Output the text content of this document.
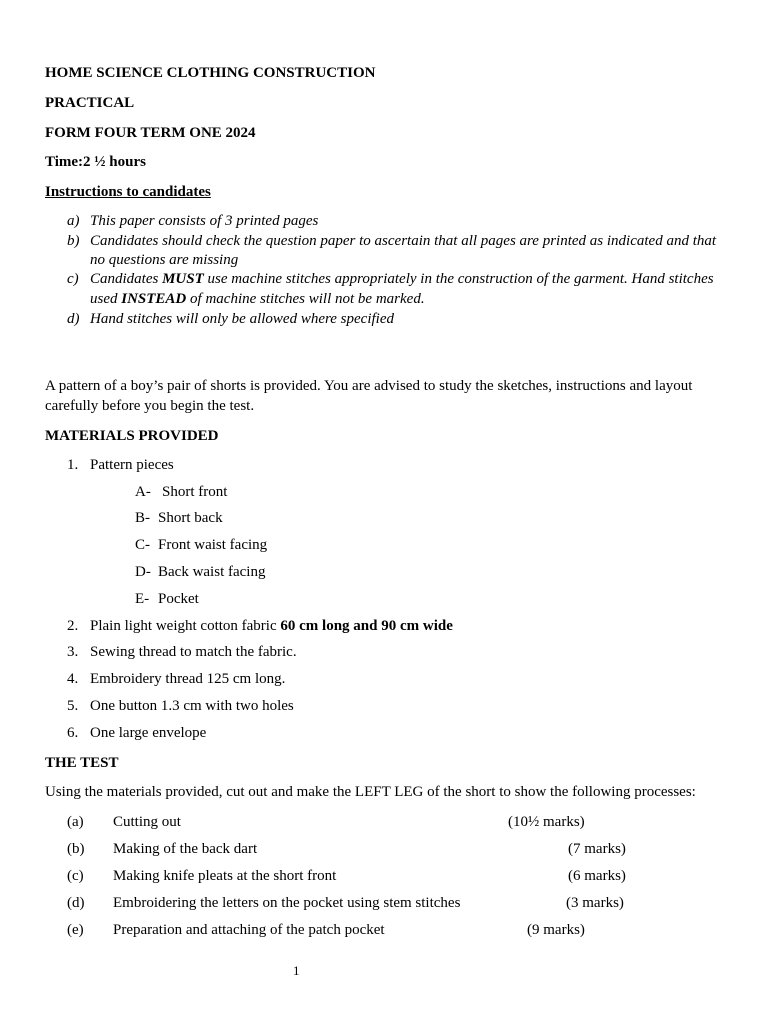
HOME SCIENCE CLOTHING CONSTRUCTION
PRACTICAL
FORM FOUR TERM ONE 2024
Time:2 ½ hours
Instructions to candidates
a) This paper consists of 3 printed pages
b) Candidates should check the question paper to ascertain that all pages are printed as indicated and that
no questions are missing
c) Candidates MUST use machine stitches appropriately in the construction of the garment. Hand stitches
used INSTEAD of machine stitches will not be marked.
d) Hand stitches will only be allowed where specified
A pattern of a boy’s pair of shorts is provided. You are advised to study the sketches, instructions and layout
carefully before you begin the test.
MATERIALS PROVIDED
1. Pattern pieces
A- Short front
B- Short back
C- Front waist facing
D- Back waist facing
E- Pocket
2. Plain light weight cotton fabric 60 cm long and 90 cm wide
3. Sewing thread to match the fabric.
4. Embroidery thread 125 cm long.
5. One button 1.3 cm with two holes
6. One large envelope
THE TEST
Using the materials provided, cut out and make the LEFT LEG of the short to show the following processes:
(a) Cutting out	(10½ marks)
(b) Making of the back dart	(7 marks)
(c) Making knife pleats at the short front	(6 marks)
(d) Embroidering the letters on the pocket using stem stitches	(3 marks)
(e) Preparation and attaching of the patch pocket	(9 marks)
1
